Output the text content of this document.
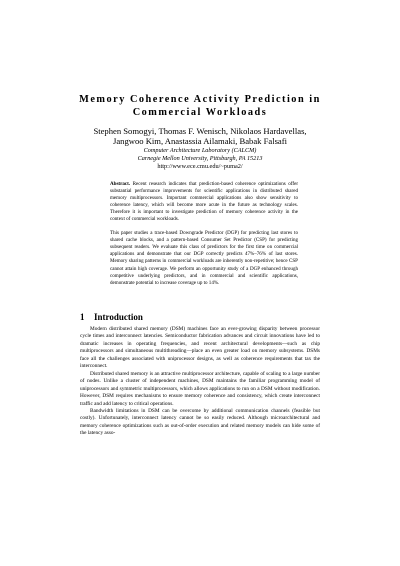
Memory Coherence Activity Prediction in
Commercial Workloads
Stephen Somogyi, Thomas F. Wenisch, Nikolaos Hardavellas,
Jangwoo Kim, Anastassia Ailamaki, Babak Falsafi
Computer Architecture Laboratory (CALCM)
Carnegie Mellon University, Pittsburgh, PA 15213
http://www.ece.cmu.edu/~puma2/

Abstract. Recent research indicates that prediction-based coherence optimizations offer substantial performance improvements for scientific applications in distributed shared memory multiprocessors. Important commercial applications also show sensitivity to coherence latency, which will become more acute in the future as technology scales. Therefore it is important to investigate prediction of memory coherence activity in the context of commercial workloads.

This paper studies a trace-based Downgrade Predictor (DGP) for predicting last stores to shared cache blocks, and a pattern-based Consumer Set Predictor (CSP) for predicting subsequent readers. We evaluate this class of predictors for the first time on commercial applications and demonstrate that our DGP correctly predicts 47%–76% of last stores. Memory sharing patterns in commercial workloads are inherently non-repetitive; hence CSP cannot attain high coverage. We perform an opportunity study of a DGP enhanced through competitive underlying predictors, and in commercial and scientific applications, demonstrate potential to increase coverage up to 14%.

1 Introduction

Modern distributed shared memory (DSM) machines face an ever-growing disparity between processor cycle times and interconnect latencies. Semiconductor fabrication advances and circuit innovations have led to dramatic increases in operating frequencies, and recent architectural developments—such as chip multiprocessors and simultaneous multithreading—place an even greater load on memory subsystems. DSMs face all the challenges associated with uniprocessor designs, as well as coherence requirements that tax the interconnect.

Distributed shared memory is an attractive multiprocessor architecture, capable of scaling to a large number of nodes. Unlike a cluster of independent machines, DSM maintains the familiar programming model of uniprocessors and symmetric multiprocessors, which allows applications to run on a DSM without modification. However, DSM requires mechanisms to ensure memory coherence and consistency, which create interconnect traffic and add latency to critical operations.

Bandwidth limitations in DSM can be overcome by additional communication channels (feasible but costly). Unfortunately, interconnect latency cannot be so easily reduced. Although microarchitectural and memory coherence optimizations such as out-of-order execution and related memory models can hide some of the latency asso-
